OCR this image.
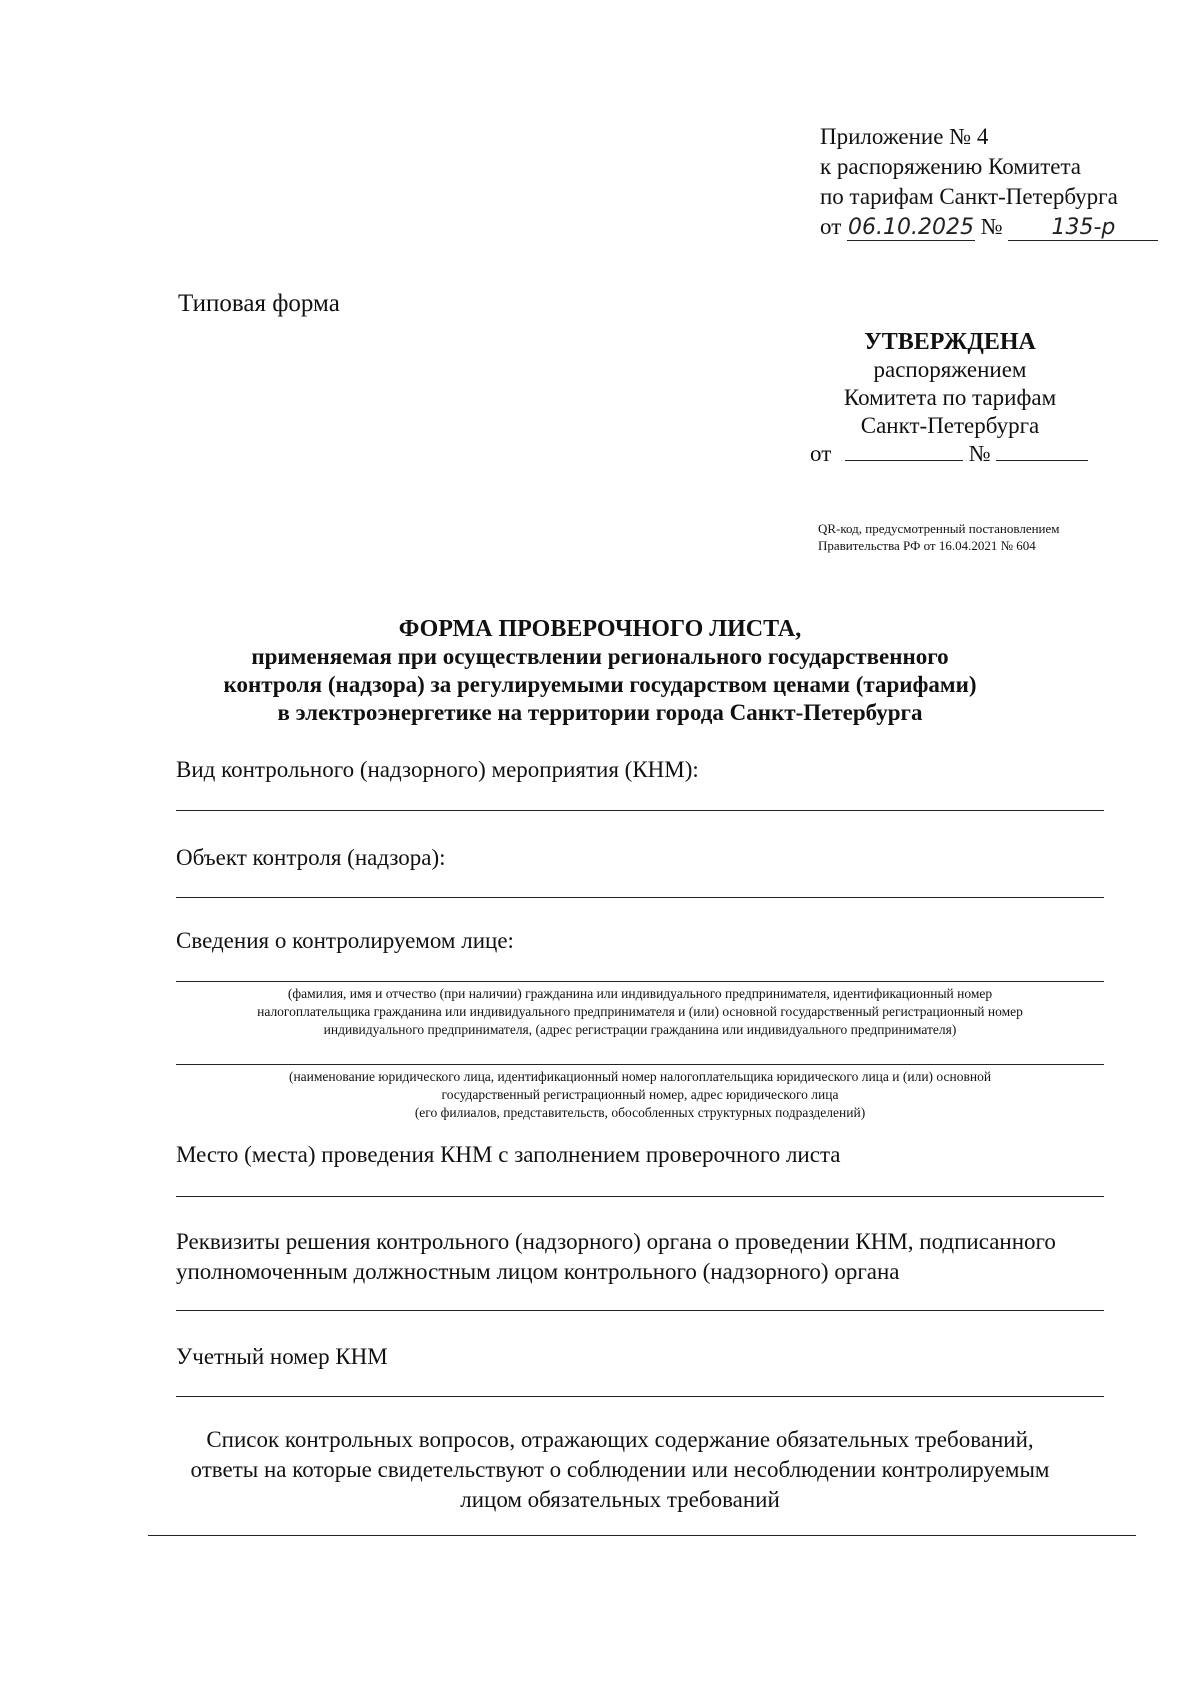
Приложение № 4
к распоряжению Комитета
по тарифам Санкт-Петербурга
от 06.10.2025 № 135-р
Типовая форма
УТВЕРЖДЕНА
распоряжением
Комитета по тарифам
Санкт-Петербурга
от	№
QR-код, предусмотренный постановлением
Правительства РФ от 16.04.2021 № 604
ФОРМА ПРОВЕРОЧНОГО ЛИСТА,
применяемая при осуществлении регионального государственного
контроля (надзора) за регулируемыми государством ценами (тарифами)
в электроэнергетике на территории города Санкт-Петербурга
Вид контрольного (надзорного) мероприятия (КНМ):
Объект контроля (надзора):
Сведения о контролируемом лице:
(фамилия, имя и отчество (при наличии) гражданина или индивидуального предпринимателя, идентификационный номер
налогоплательщика гражданина или индивидуального предпринимателя и (или) основной государственный регистрационный номер
индивидуального предпринимателя, (адрес регистрации гражданина или индивидуального предпринимателя)
(наименование юридического лица, идентификационный номер налогоплательщика юридического лица и (или) основной
государственный регистрационный номер, адрес юридического лица
(его филиалов, представительств, обособленных структурных подразделений)
Место (места) проведения КНМ с заполнением проверочного листа
Реквизиты решения контрольного (надзорного) органа о проведении КНМ, подписанного
уполномоченным должностным лицом контрольного (надзорного) органа
Учетный номер КНМ
Список контрольных вопросов, отражающих содержание обязательных требований,
ответы на которые свидетельствуют о соблюдении или несоблюдении контролируемым
лицом обязательных требований
